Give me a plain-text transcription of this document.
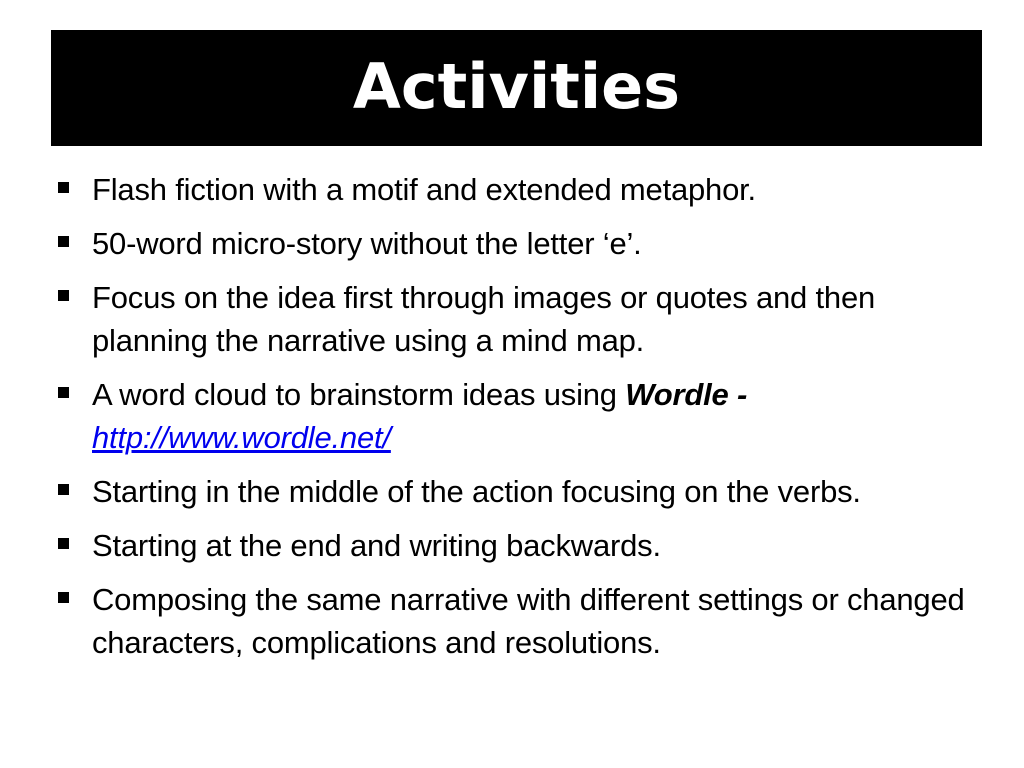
Activities
Flash fiction with a motif and extended metaphor.
50-word micro-story without the letter ‘e’.
Focus on the idea first through images or quotes and then planning the narrative using a mind map.
A word cloud to brainstorm ideas using Wordle -
http://www.wordle.net/
Starting in the middle of the action focusing on the verbs.
Starting at the end and writing backwards.
Composing the same narrative with different settings or changed characters, complications and resolutions.
